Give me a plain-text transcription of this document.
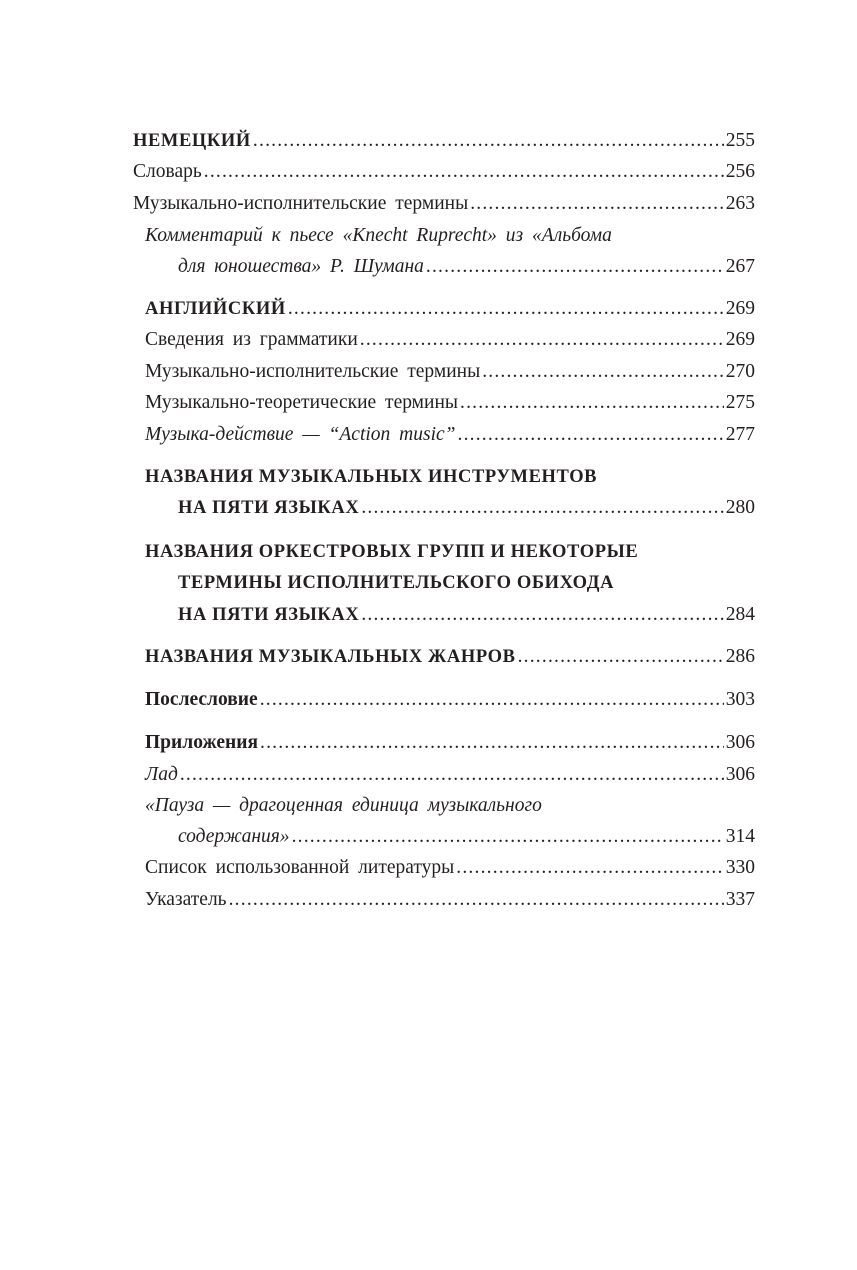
НЕМЕЦКИЙ .....	255
Словарь .....	256
Музыкально-исполнительские термины .....	263
Комментарий к пьесе «Knecht Ruprecht» из «Альбома
для юношества» Р. Шумана .....	267
АНГЛИЙСКИЙ .....	269
Сведения из грамматики .....	269
Музыкально-исполнительские термины .....	270
Музыкально-теоретические термины .....	275
Музыка-действие — “Action music” .....	277
НАЗВАНИЯ МУЗЫКАЛЬНЫХ ИНСТРУМЕНТОВ
НА ПЯТИ ЯЗЫКАХ .....	280
НАЗВАНИЯ ОРКЕСТРОВЫХ ГРУПП И НЕКОТОРЫЕ
ТЕРМИНЫ ИСПОЛНИТЕЛЬСКОГО ОБИХОДА
НА ПЯТИ ЯЗЫКАХ .....	284
НАЗВАНИЯ МУЗЫКАЛЬНЫХ ЖАНРОВ .....	286
Послесловие .....	303
Приложения .....	306
Лад .....	306
«Пауза — драгоценная единица музыкального
содержания» .....	314
Список использованной литературы .....	330
Указатель .....	337
